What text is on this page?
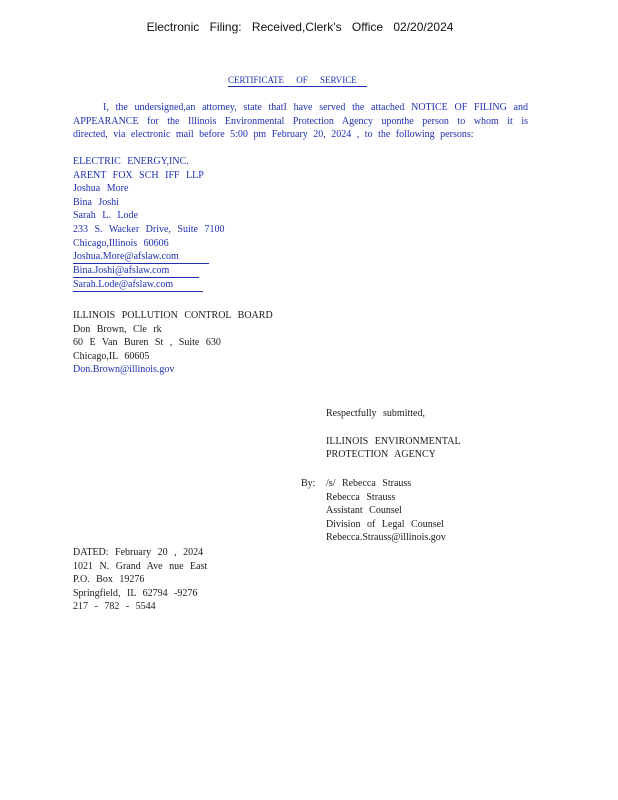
Electronic Filing: Received,Clerk's Office 02/20/2024
CERTIFICATE OF SERVICE
I, the undersigned,an attorney, state thatI have served the attached NOTICE OF FILING and APPEARANCE for the Illinois Environmental Protection Agency uponthe person to whom it is directed, via electronic mail before 5:00 pm February 20, 2024 , to the following persons:
ELECTRIC ENERGY,INC.
ARENT FOX SCH IFF LLP
Joshua More
Bina Joshi
Sarah L. Lode
233 S. Wacker Drive, Suite 7100
Chicago,Illinois 60606
Joshua.More@afslaw.com
Bina.Joshi@afslaw.com
Sarah.Lode@afslaw.com
ILLINOIS POLLUTION CONTROL BOARD
Don Brown, Cle rk
60 E Van Buren St , Suite 630
Chicago,IL 60605
Don.Brown@illinois.gov
Respectfully submitted,
ILLINOIS ENVIRONMENTAL
PROTECTION AGENCY
By: /s/ Rebecca Strauss
Rebecca Strauss
Assistant Counsel
Division of Legal Counsel
Rebecca.Strauss@illinois.gov
DATED: February 20 , 2024
1021 N. Grand Ave nue East
P.O. Box 19276
Springfield, IL 62794 -9276
217 - 782 - 5544
